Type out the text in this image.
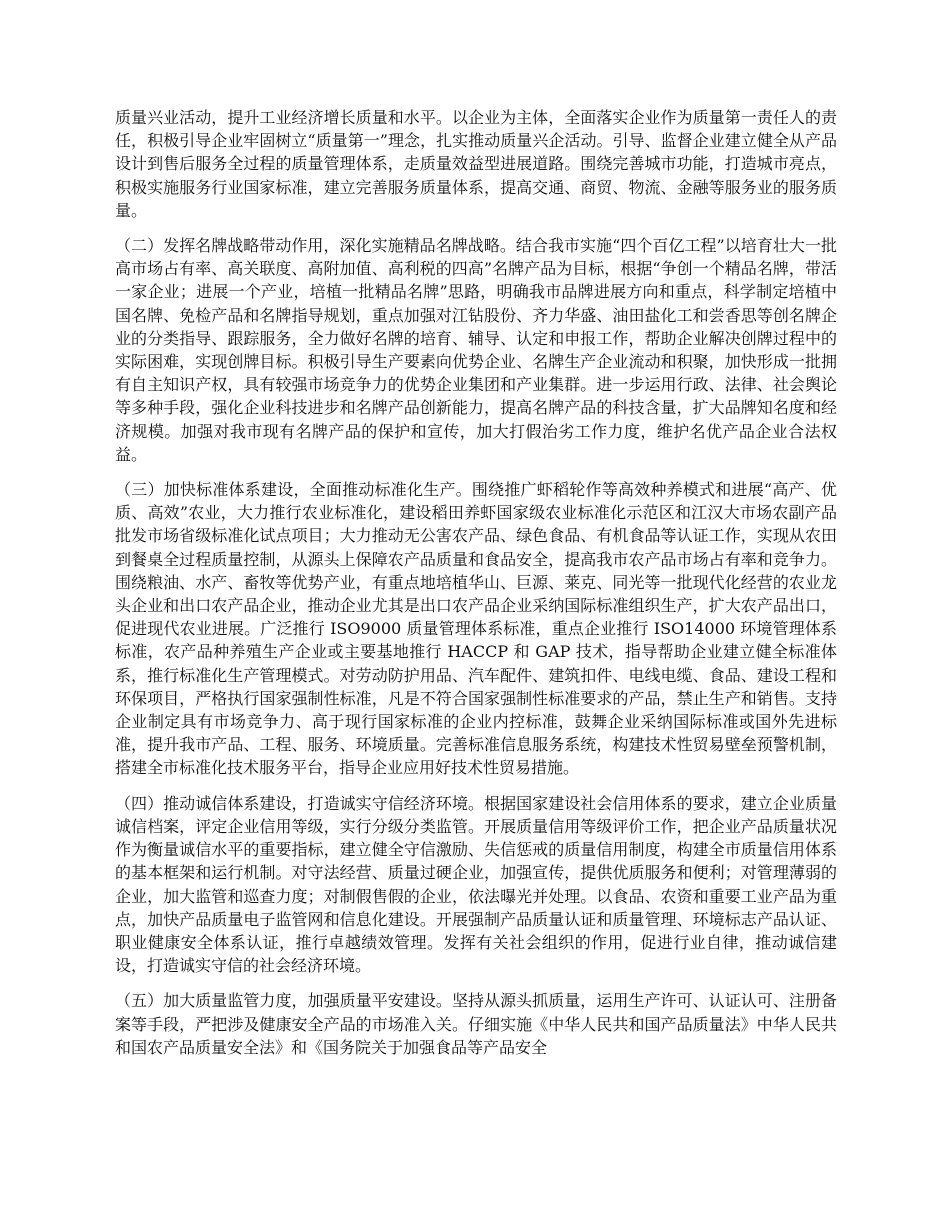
质量兴业活动，提升工业经济增长质量和水平。以企业为主体，全面落实企业作为质量第一责任人的责任，积极引导企业牢固树立“质量第一”理念，扎实推动质量兴企活动。引导、监督企业建立健全从产品设计到售后服务全过程的质量管理体系，走质量效益型进展道路。围绕完善城市功能，打造城市亮点，积极实施服务行业国家标准，建立完善服务质量体系，提高交通、商贸、物流、金融等服务业的服务质量。

（二）发挥名牌战略带动作用，深化实施精品名牌战略。结合我市实施“四个百亿工程”以培育壮大一批高市场占有率、高关联度、高附加值、高利税的四高”名牌产品为目标，根据“争创一个精品名牌，带活一家企业；进展一个产业，培植一批精品名牌”思路，明确我市品牌进展方向和重点，科学制定培植中国名牌、免检产品和名牌指导规划，重点加强对江钻股份、齐力华盛、油田盐化工和尝香思等创名牌企业的分类指导、跟踪服务，全力做好名牌的培育、辅导、认定和申报工作，帮助企业解决创牌过程中的实际困难，实现创牌目标。积极引导生产要素向优势企业、名牌生产企业流动和积聚，加快形成一批拥有自主知识产权，具有较强市场竞争力的优势企业集团和产业集群。进一步运用行政、法律、社会舆论等多种手段，强化企业科技进步和名牌产品创新能力，提高名牌产品的科技含量，扩大品牌知名度和经济规模。加强对我市现有名牌产品的保护和宣传，加大打假治劣工作力度，维护名优产品企业合法权益。

（三）加快标准体系建设，全面推动标准化生产。围绕推广虾稻轮作等高效种养模式和进展“高产、优质、高效”农业，大力推行农业标准化，建设稻田养虾国家级农业标准化示范区和江汉大市场农副产品批发市场省级标准化试点项目；大力推动无公害农产品、绿色食品、有机食品等认证工作，实现从农田到餐桌全过程质量控制，从源头上保障农产品质量和食品安全，提高我市农产品市场占有率和竞争力。围绕粮油、水产、畜牧等优势产业，有重点地培植华山、巨源、莱克、同光等一批现代化经营的农业龙头企业和出口农产品企业，推动企业尤其是出口农产品企业采纳国际标准组织生产，扩大农产品出口，促进现代农业进展。广泛推行 ISO9000 质量管理体系标准，重点企业推行 ISO14000 环境管理体系标准，农产品种养殖生产企业或主要基地推行 HACCP 和 GAP 技术，指导帮助企业建立健全标准体系，推行标准化生产管理模式。对劳动防护用品、汽车配件、建筑扣件、电线电缆、食品、建设工程和环保项目，严格执行国家强制性标准，凡是不符合国家强制性标准要求的产品，禁止生产和销售。支持企业制定具有市场竞争力、高于现行国家标准的企业内控标准，鼓舞企业采纳国际标准或国外先进标准，提升我市产品、工程、服务、环境质量。完善标准信息服务系统，构建技术性贸易壁垒预警机制，搭建全市标准化技术服务平台，指导企业应用好技术性贸易措施。

（四）推动诚信体系建设，打造诚实守信经济环境。根据国家建设社会信用体系的要求，建立企业质量诚信档案，评定企业信用等级，实行分级分类监管。开展质量信用等级评价工作，把企业产品质量状况作为衡量诚信水平的重要指标，建立健全守信激励、失信惩戒的质量信用制度，构建全市质量信用体系的基本框架和运行机制。对守法经营、质量过硬企业，加强宣传，提供优质服务和便利；对管理薄弱的企业，加大监管和巡查力度；对制假售假的企业，依法曝光并处理。以食品、农资和重要工业产品为重点，加快产品质量电子监管网和信息化建设。开展强制产品质量认证和质量管理、环境标志产品认证、职业健康安全体系认证，推行卓越绩效管理。发挥有关社会组织的作用，促进行业自律，推动诚信建设，打造诚实守信的社会经济环境。

（五）加大质量监管力度，加强质量平安建设。坚持从源头抓质量，运用生产许可、认证认可、注册备案等手段，严把涉及健康安全产品的市场准入关。仔细实施《中华人民共和国产品质量法》中华人民共和国农产品质量安全法》和《国务院关于加强食品等产品安全
